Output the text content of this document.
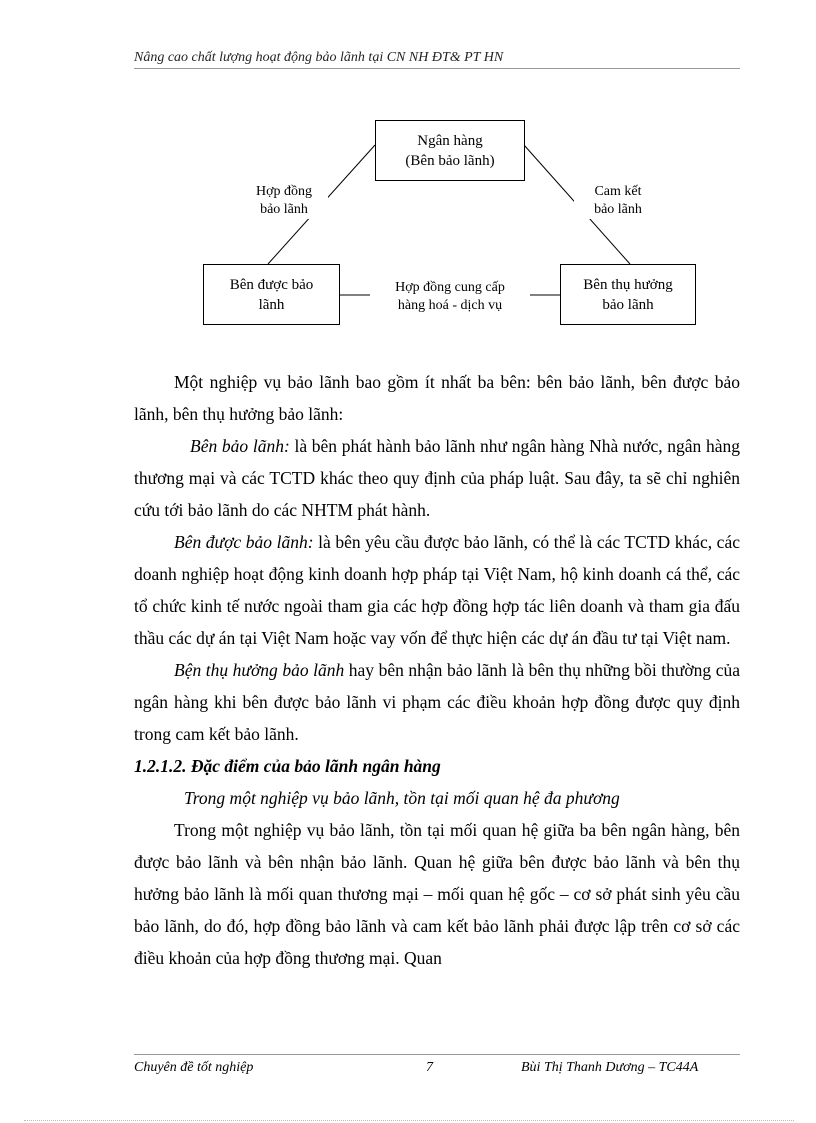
Nâng cao chất lượng hoạt động bảo lãnh tại CN NH ĐT& PT HN
Ngân hàng
(Bên bảo lãnh)
Bên được bảo
lãnh
Bên thụ hưởng
bảo lãnh
Hợp đồng
bảo lãnh
Cam kết
bảo lãnh
Hợp đồng cung cấp
hàng hoá - dịch vụ

Một nghiệp vụ bảo lãnh bao gồm ít nhất ba bên: bên bảo lãnh, bên được bảo lãnh, bên thụ hưởng bảo lãnh:

Bên bảo lãnh: là bên phát hành bảo lãnh như ngân hàng Nhà nước, ngân hàng thương mại và các TCTD khác theo quy định của pháp luật. Sau đây, ta sẽ chỉ nghiên cứu tới bảo lãnh do các NHTM phát hành.

Bên được bảo lãnh: là bên yêu cầu được bảo lãnh, có thể là các TCTD khác, các doanh nghiệp hoạt động kinh doanh hợp pháp tại Việt Nam, hộ kinh doanh cá thể, các tổ chức kinh tế nước ngoài tham gia các hợp đồng hợp tác liên doanh và tham gia đấu thầu các dự án tại Việt Nam hoặc vay vốn để thực hiện các dự án đầu tư tại Việt nam.

Bện thụ hưởng bảo lãnh hay bên nhận bảo lãnh là bên thụ những bồi thường của ngân hàng khi bên được bảo lãnh vi phạm các điều khoản hợp đồng được quy định trong cam kết bảo lãnh.

1.2.1.2. Đặc điểm của bảo lãnh ngân hàng

Trong một nghiệp vụ bảo lãnh, tồn tại mối quan hệ đa phương

Trong một nghiệp vụ bảo lãnh, tồn tại mối quan hệ giữa ba bên ngân hàng, bên được bảo lãnh và bên nhận bảo lãnh. Quan hệ giữa bên được bảo lãnh và bên thụ hưởng bảo lãnh là mối quan thương mại – mối quan hệ gốc – cơ sở phát sinh yêu cầu bảo lãnh, do đó, hợp đồng bảo lãnh và cam kết bảo lãnh phải được lập trên cơ sở các điều khoản của hợp đồng thương mại. Quan

Chuyên đề tốt nghiệp	7	Bùi Thị Thanh Dương – TC44A
